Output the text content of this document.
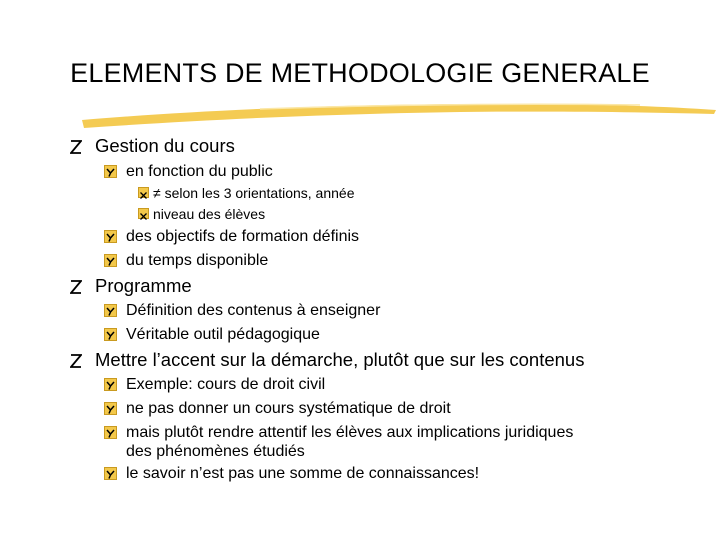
ELEMENTS DE METHODOLOGIE GENERALE
Gestion du cours
en fonction du public
≠ selon les 3 orientations, année
niveau des élèves
des objectifs de formation définis
du temps disponible
Programme
Définition des contenus à enseigner
Véritable outil pédagogique
Mettre l’accent sur la démarche, plutôt que sur les contenus
Exemple: cours de droit civil
ne pas donner un cours systématique de droit
mais plutôt rendre attentif les élèves aux implications juridiques
des phénomènes étudiés
le savoir n’est pas une somme de connaissances!
